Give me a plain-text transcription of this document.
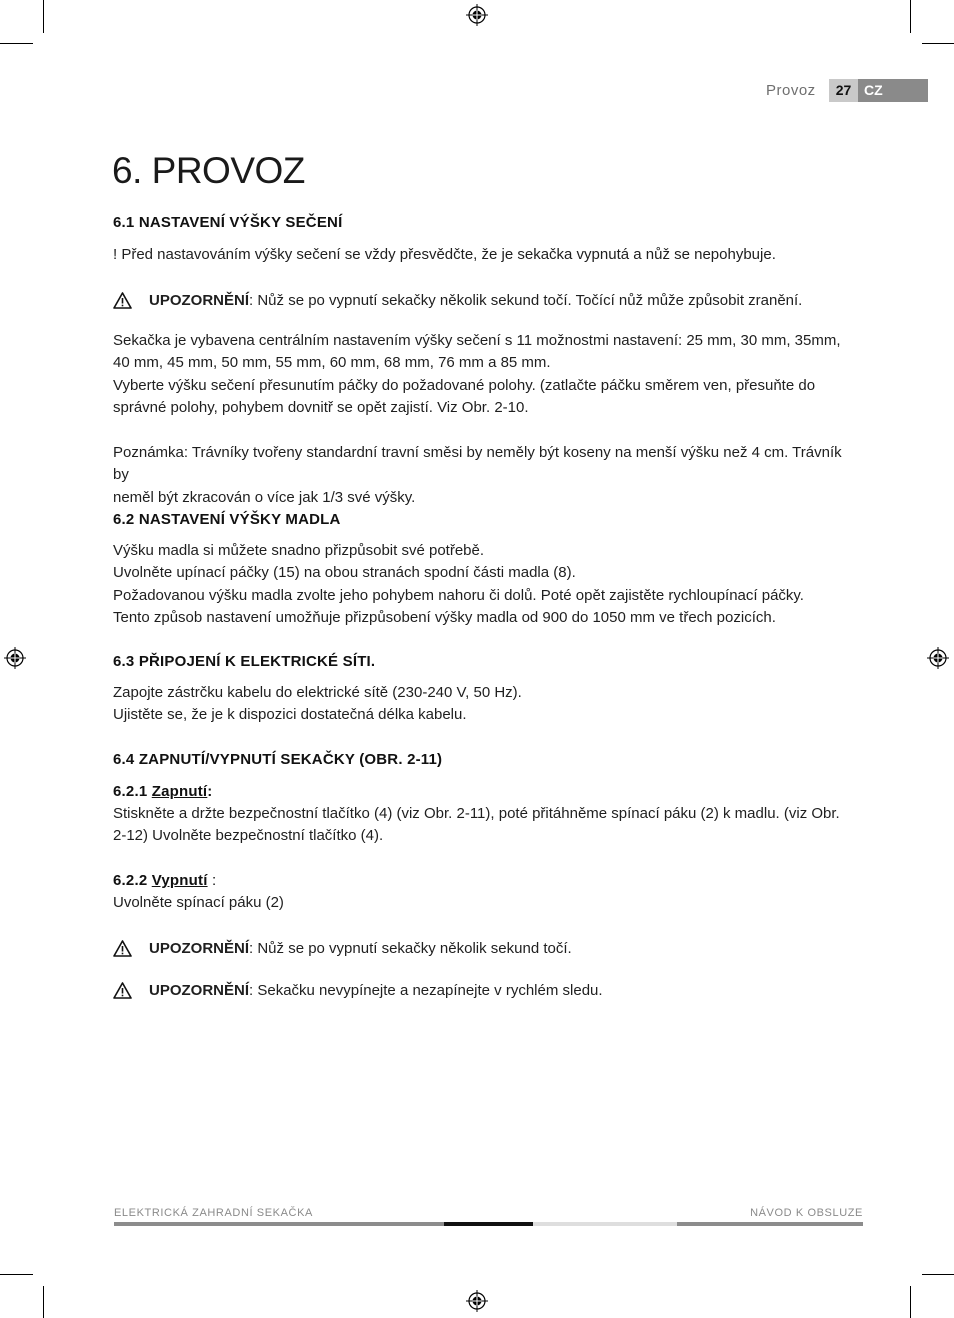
Provoz	27 CZ
6. PROVOZ
6.1 NASTAVENÍ VÝŠKY SEČENÍ
! Před nastavováním výšky sečení se vždy přesvědčte, že je sekačka vypnutá a nůž se nepohybuje.
UPOZORNĚNÍ : Nůž se po vypnutí sekačky několik sekund točí. Točící nůž může způsobit zranění.
Sekačka je vybavena centrálním nastavením výšky sečení s 11 možnostmi nastavení: 25 mm, 30 mm, 35mm,
40 mm, 45 mm, 50 mm, 55 mm, 60 mm, 68 mm, 76 mm a 85 mm.
Vyberte výšku sečení přesunutím páčky do požadované polohy. (zatlačte páčku směrem ven, přesuňte do
správné polohy, pohybem dovnitř se opět zajistí. Viz Obr. 2-10.
Poznámka: Trávníky tvořeny standardní travní směsi by neměly být koseny na menší výšku než 4 cm. Trávník by
neměl být zkracován o více jak 1/3 své výšky.
6.2 NASTAVENÍ VÝŠKY MADLA
Výšku madla si můžete snadno přizpůsobit své potřebě.
Uvolněte upínací páčky (15) na obou stranách spodní části madla (8).
Požadovanou výšku madla zvolte jeho pohybem nahoru či dolů. Poté opět zajistěte rychloupínací páčky.
Tento způsob nastavení umožňuje přizpůsobení výšky madla od 900 do 1050 mm ve třech pozicích.
6.3 PŘIPOJENÍ K ELEKTRICKÉ SÍTI.
Zapojte zástrčku kabelu do elektrické sítě (230-240 V, 50 Hz).
Ujistěte se, že je k dispozici dostatečná délka kabelu.
6.4 ZAPNUTÍ/VYPNUTÍ SEKAČKY (OBR. 2-11)
6.2.1 Zapnutí:
Stiskněte a držte bezpečnostní tlačítko (4) (viz Obr. 2-11), poté přitáhněme spínací páku (2) k madlu. (viz Obr.
2-12) Uvolněte bezpečnostní tlačítko (4).
6.2.2 Vypnutí :
Uvolněte spínací páku (2)
UPOZORNĚNÍ : Nůž se po vypnutí sekačky několik sekund točí.
UPOZORNĚNÍ : Sekačku nevypínejte a nezapínejte v rychlém sledu.
ELEKTRICKÁ ZAHRADNÍ SEKAČKA	NÁVOD K OBSLUZE
